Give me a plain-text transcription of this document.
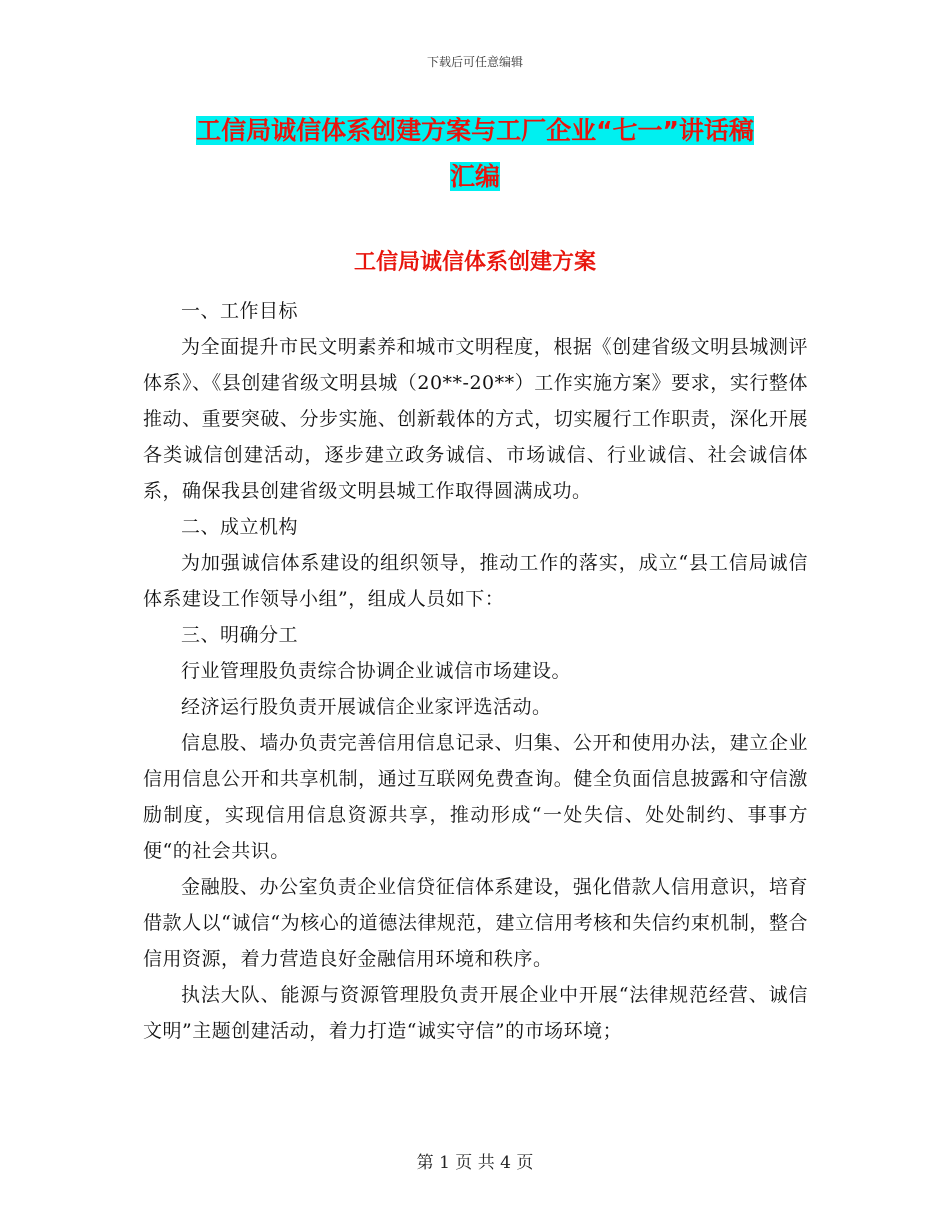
下载后可任意编辑
工信局诚信体系创建方案与工厂企业“七一”讲话稿
汇编
工信局诚信体系创建方案

一、工作目标

为全面提升市民文明素养和城市文明程度，根据《创建省级文明县城测评体系》、《县创建省级文明县城（20**-20**）工作实施方案》要求，实行整体推动、重要突破、分步实施、创新载体的方式，切实履行工作职责，深化开展各类诚信创建活动，逐步建立政务诚信、市场诚信、行业诚信、社会诚信体系，确保我县创建省级文明县城工作取得圆满成功。

二、成立机构

为加强诚信体系建设的组织领导，推动工作的落实，成立“县工信局诚信体系建设工作领导小组”，组成人员如下：

三、明确分工

行业管理股负责综合协调企业诚信市场建设。

经济运行股负责开展诚信企业家评选活动。

信息股、墙办负责完善信用信息记录、归集、公开和使用办法，建立企业信用信息公开和共享机制，通过互联网免费查询。健全负面信息披露和守信激励制度，实现信用信息资源共享，推动形成“一处失信、处处制约、事事方便“的社会共识。

金融股、办公室负责企业信贷征信体系建设，强化借款人信用意识，培育借款人以“诚信“为核心的道德法律规范，建立信用考核和失信约束机制，整合信用资源，着力营造良好金融信用环境和秩序。

执法大队、能源与资源管理股负责开展企业中开展“法律规范经营、诚信文明”主题创建活动，着力打造“诚实守信”的市场环境；

第 1 页 共 4 页
